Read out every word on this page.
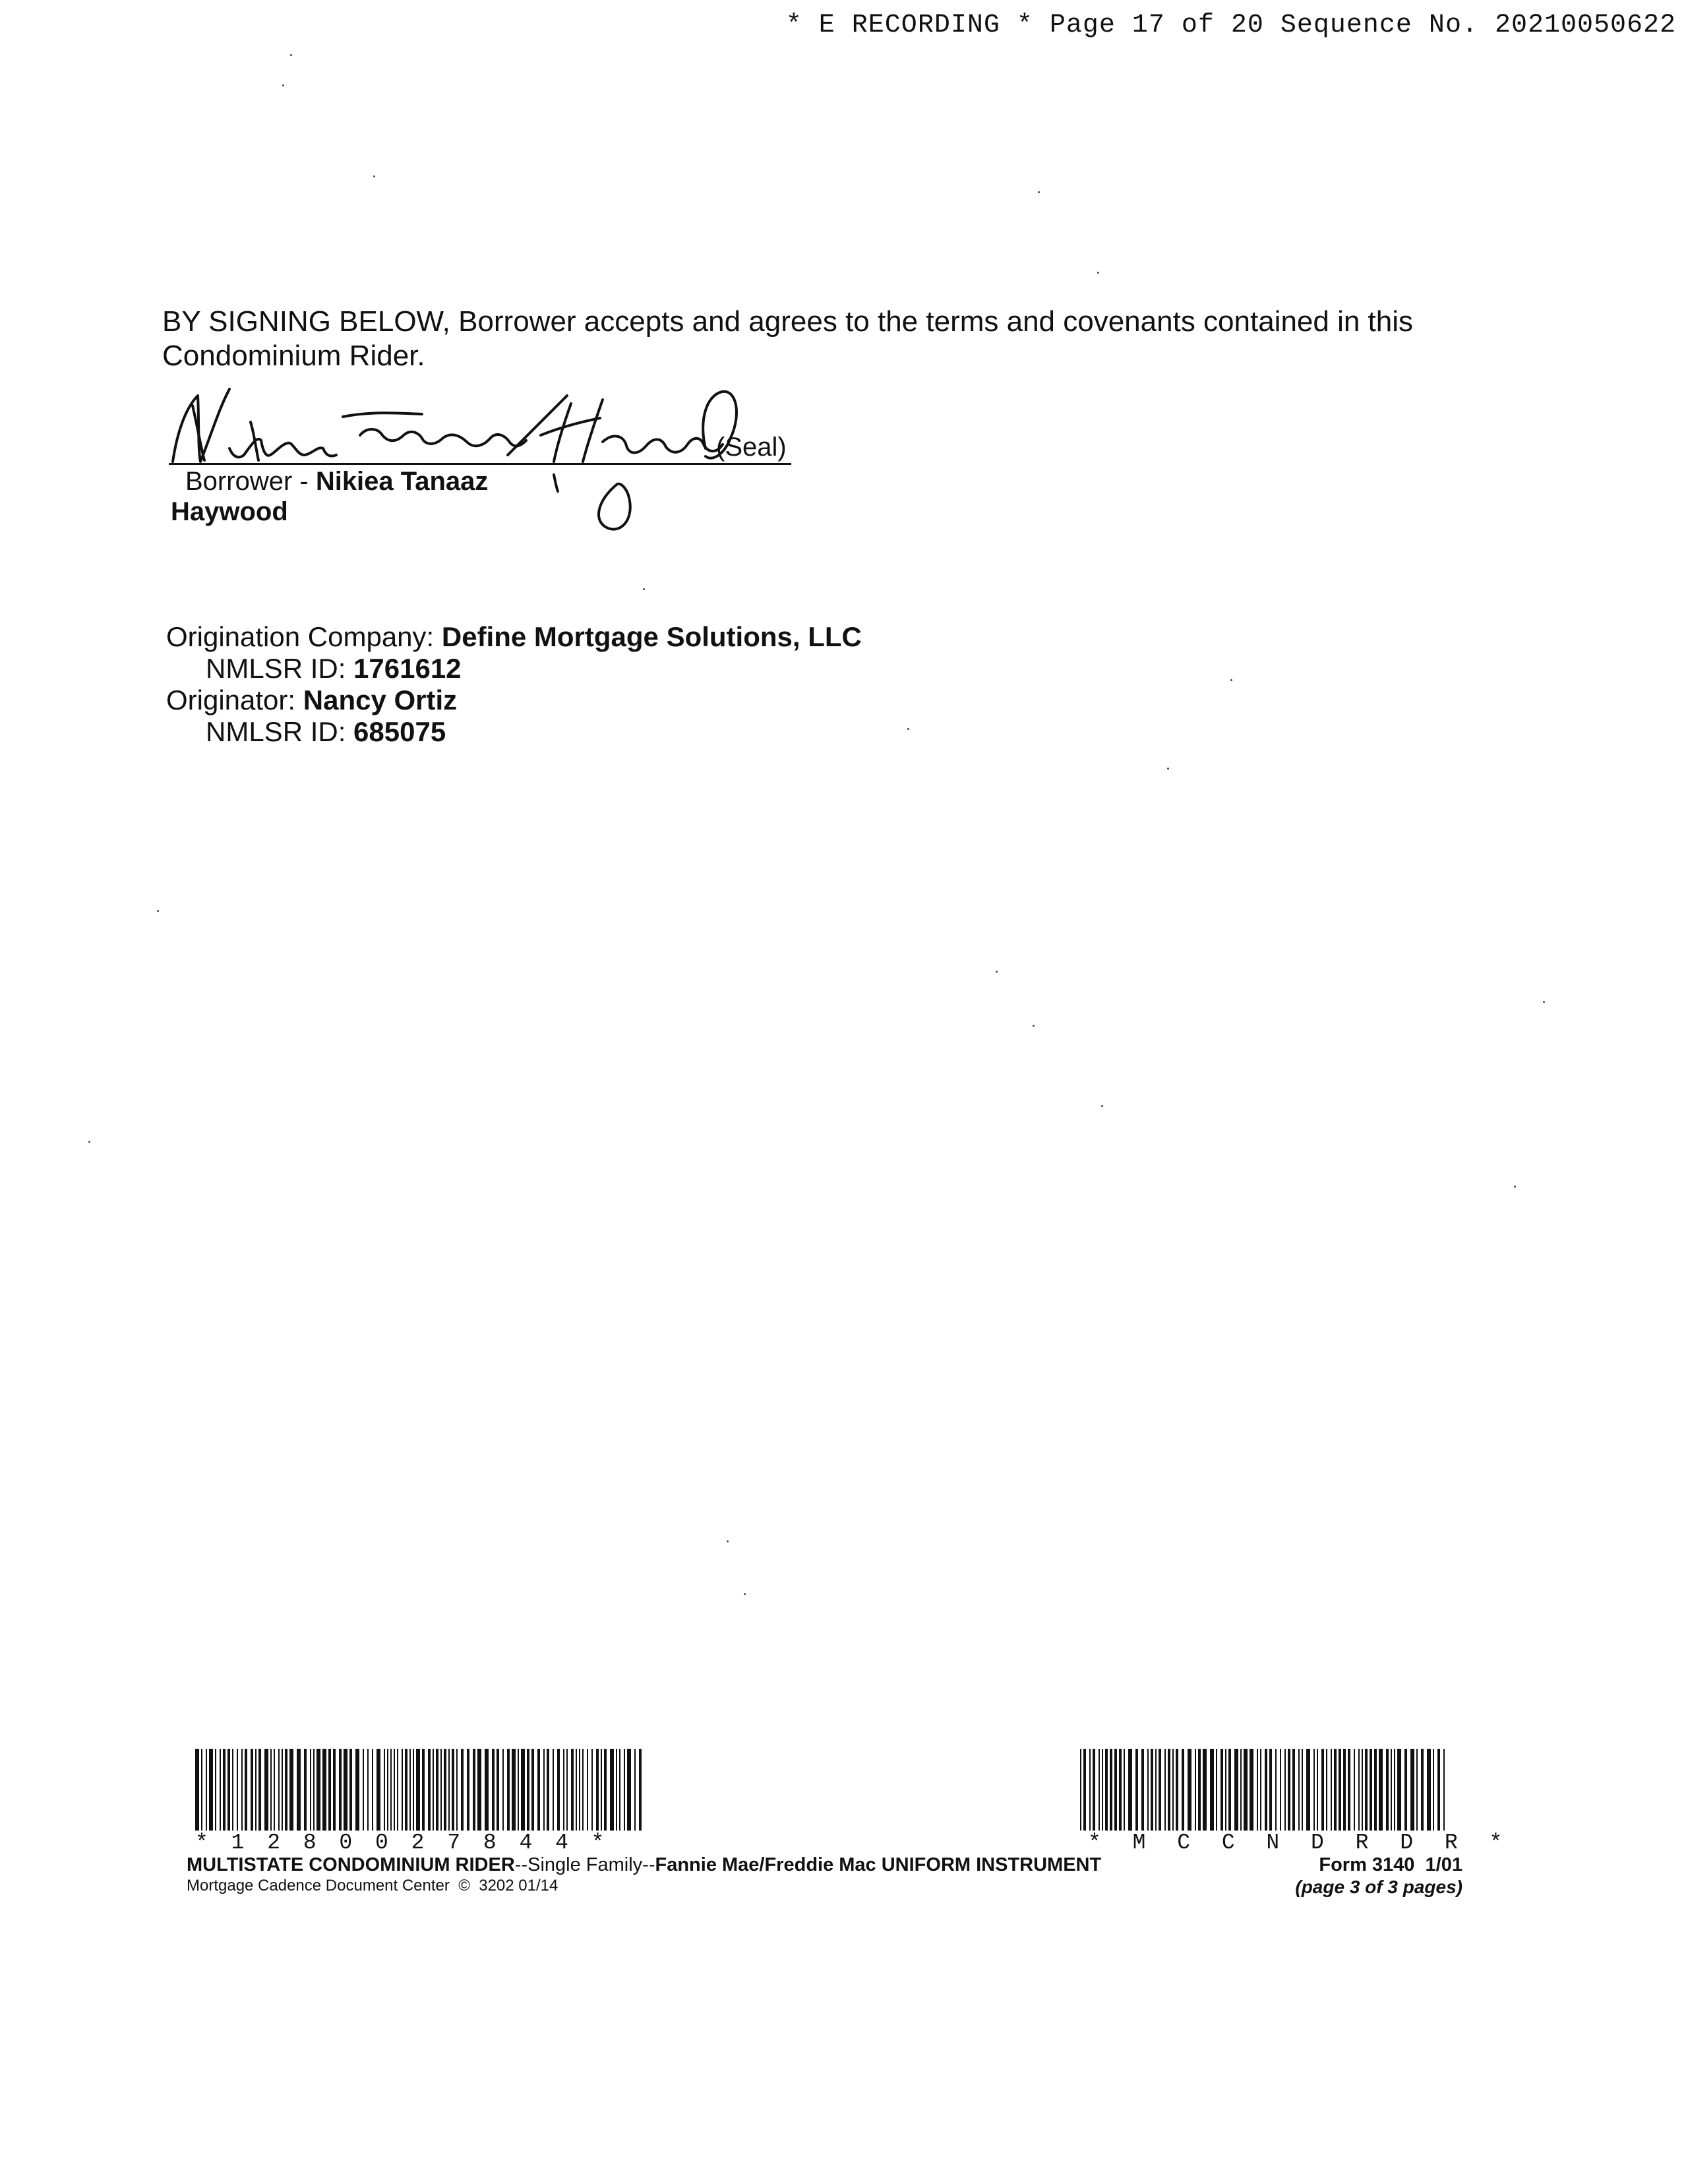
* E RECORDING * Page 17 of 20 Sequence No. 20210050622
BY SIGNING BELOW, Borrower accepts and agrees to the terms and covenants contained in this Condominium Rider.
(Seal)
Borrower - Nikiea Tanaaz
Haywood
Origination Company: Define Mortgage Solutions, LLC
NMLSR ID: 1761612
Originator: Nancy Ortiz
NMLSR ID: 685075
* 1 2 8 0 0 2 7 8 4 4 *	* M C C N D R D R *
MULTISTATE CONDOMINIUM RIDER--Single Family--Fannie Mae/Freddie Mac UNIFORM INSTRUMENT
Mortgage Cadence Document Center  ©  3202 01/14
Form 3140  1/01
(page 3 of 3 pages)
